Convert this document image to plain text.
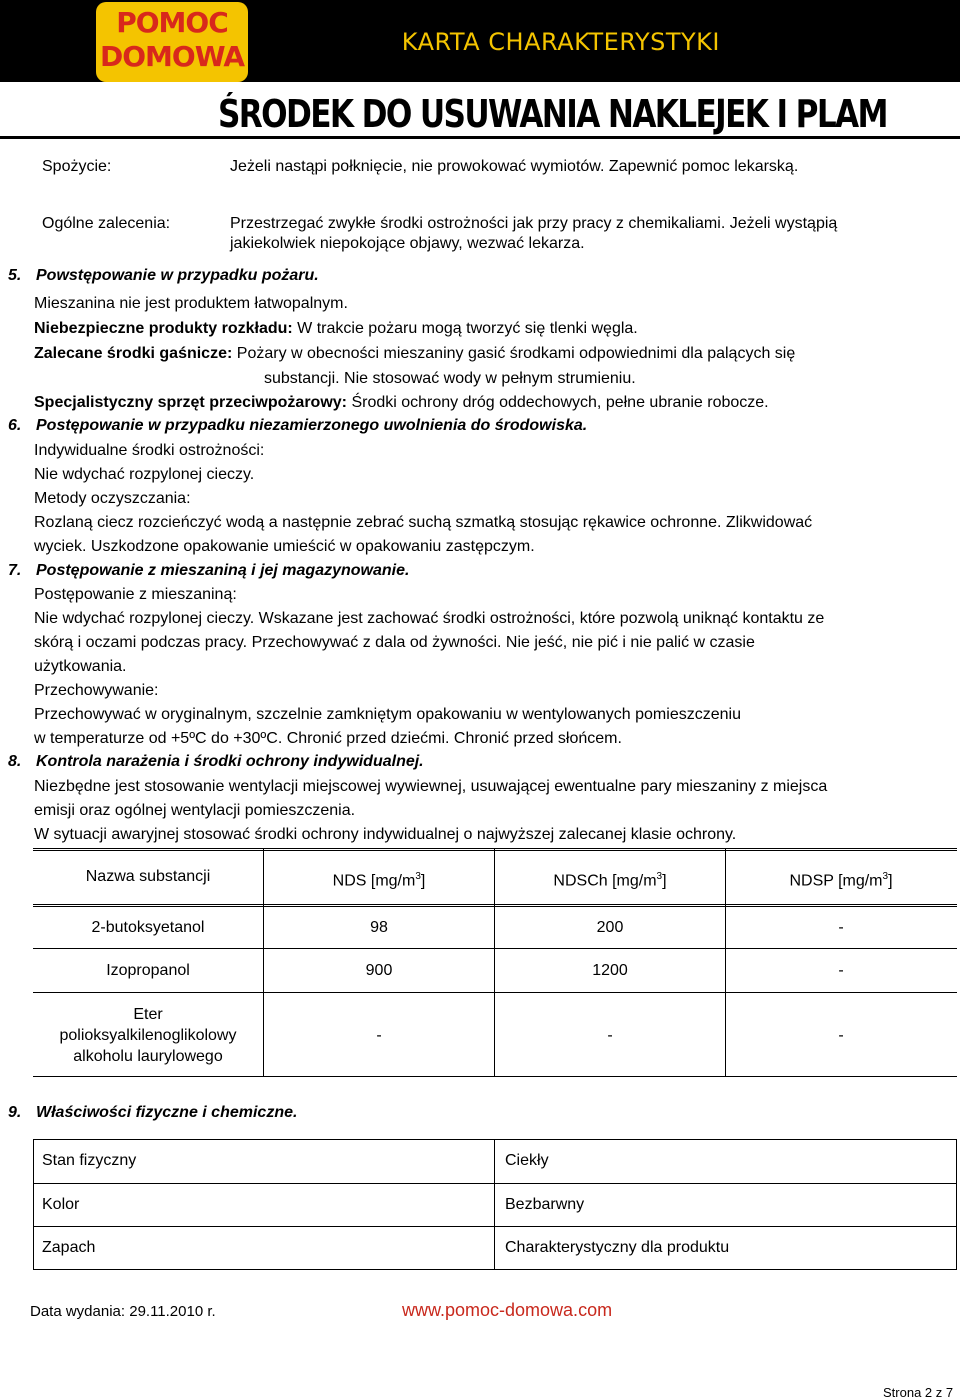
POMOC
DOMOWA	KARTA CHARAKTERYSTYKI
ŚRODEK DO USUWANIA NAKLEJEK I PLAM
Spożycie:	Jeżeli nastąpi połknięcie, nie prowokować wymiotów. Zapewnić pomoc lekarską.
Ogólne zalecenia:	Przestrzegać zwykłe środki ostrożności jak przy pracy z chemikaliami. Jeżeli wystąpią
jakiekolwiek niepokojące objawy, wezwać lekarza.
5. Powstępowanie w przypadku pożaru.
Mieszanina nie jest produktem łatwopalnym.
Niebezpieczne produkty rozkładu: W trakcie pożaru mogą tworzyć się tlenki węgla.
Zalecane środki gaśnicze: Pożary w obecności mieszaniny gasić środkami odpowiednimi dla palących się
substancji. Nie stosować wody w pełnym strumieniu.
Specjalistyczny sprzęt przeciwpożarowy: Środki ochrony dróg oddechowych, pełne ubranie robocze.
6. Postępowanie w przypadku niezamierzonego uwolnienia do środowiska.
Indywidualne środki ostrożności:
Nie wdychać rozpylonej cieczy.
Metody oczyszczania:
Rozlaną ciecz rozcieńczyć wodą a następnie zebrać suchą szmatką stosując rękawice ochronne. Zlikwidować
wyciek. Uszkodzone opakowanie umieścić w opakowaniu zastępczym.
7. Postępowanie z mieszaniną i jej magazynowanie.
Postępowanie z mieszaniną:
Nie wdychać rozpylonej cieczy. Wskazane jest zachować środki ostrożności, które pozwolą uniknąć kontaktu ze
skórą i oczami podczas pracy. Przechowywać z dala od żywności. Nie jeść, nie pić i nie palić w czasie
użytkowania.
Przechowywanie:
Przechowywać w oryginalnym, szczelnie zamkniętym opakowaniu w wentylowanych pomieszczeniu
w temperaturze od +5ºC do +30ºC. Chronić przed dziećmi. Chronić przed słońcem.
8. Kontrola narażenia i środki ochrony indywidualnej.
Niezbędne jest stosowanie wentylacji miejscowej wywiewnej, usuwającej ewentualne pary mieszaniny z miejsca
emisji oraz ogólnej wentylacji pomieszczenia.
W sytuacji awaryjnej stosować środki ochrony indywidualnej o najwyższej zalecanej klasie ochrony.
Nazwa substancji	NDS $[mg/m^3]$	NDSCh $[mg/m^3]$	NDSP $[mg/m^3]$
2-butoksyetanol	98	200	-
Izopropanol	900	1200	-
Eter
polioksyalkilenoglikolowy
alkoholu laurylowego
-	-	-
9. Właściwości fizyczne i chemiczne.
Stan fizyczny	Ciekły
Kolor	Bezbarwny
Zapach	Charakterystyczny dla produktu
Data wydania: 29.11.2010 r.	www.pomoc-domowa.com
Strona 2 z 7
